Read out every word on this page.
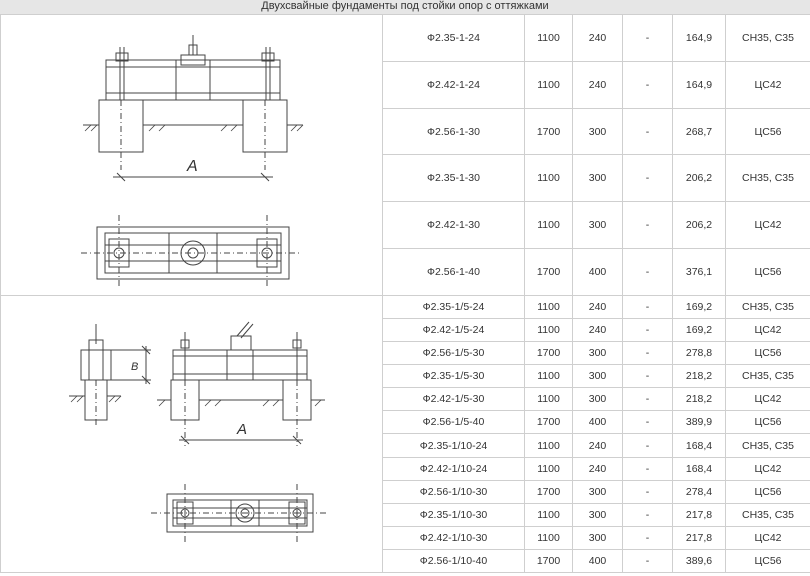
Двухсвайные фундаменты под стойки опор с оттяжками
A	Ф2.35-1-24	1100	240	-	164,9	СН35, С35
	Ф2.42-1-24	1100	240	-	164,9	ЦС42
	Ф2.56-1-30	1700	300	-	268,7	ЦС56
	Ф2.35-1-30	1100	300	-	206,2	СН35, С35
	Ф2.42-1-30	1100	300	-	206,2	ЦС42
	Ф2.56-1-40	1700	400	-	376,1	ЦС56

В
A	Ф2.35-1/5-24	1100	240	-	169,2	СН35, С35
	Ф2.42-1/5-24	1100	240	-	169,2	ЦС42
	Ф2.56-1/5-30	1700	300	-	278,8	ЦС56
	Ф2.35-1/5-30	1100	300	-	218,2	СН35, С35
	Ф2.42-1/5-30	1100	300	-	218,2	ЦС42
	Ф2.56-1/5-40	1700	400	-	389,9	ЦС56
	Ф2.35-1/10-24	1100	240	-	168,4	СН35, С35
	Ф2.42-1/10-24	1100	240	-	168,4	ЦС42
	Ф2.56-1/10-30	1700	300	-	278,4	ЦС56
	Ф2.35-1/10-30	1100	300	-	217,8	СН35, С35
	Ф2.42-1/10-30	1100	300	-	217,8	ЦС42
	Ф2.56-1/10-40	1700	400	-	389,6	ЦС56
